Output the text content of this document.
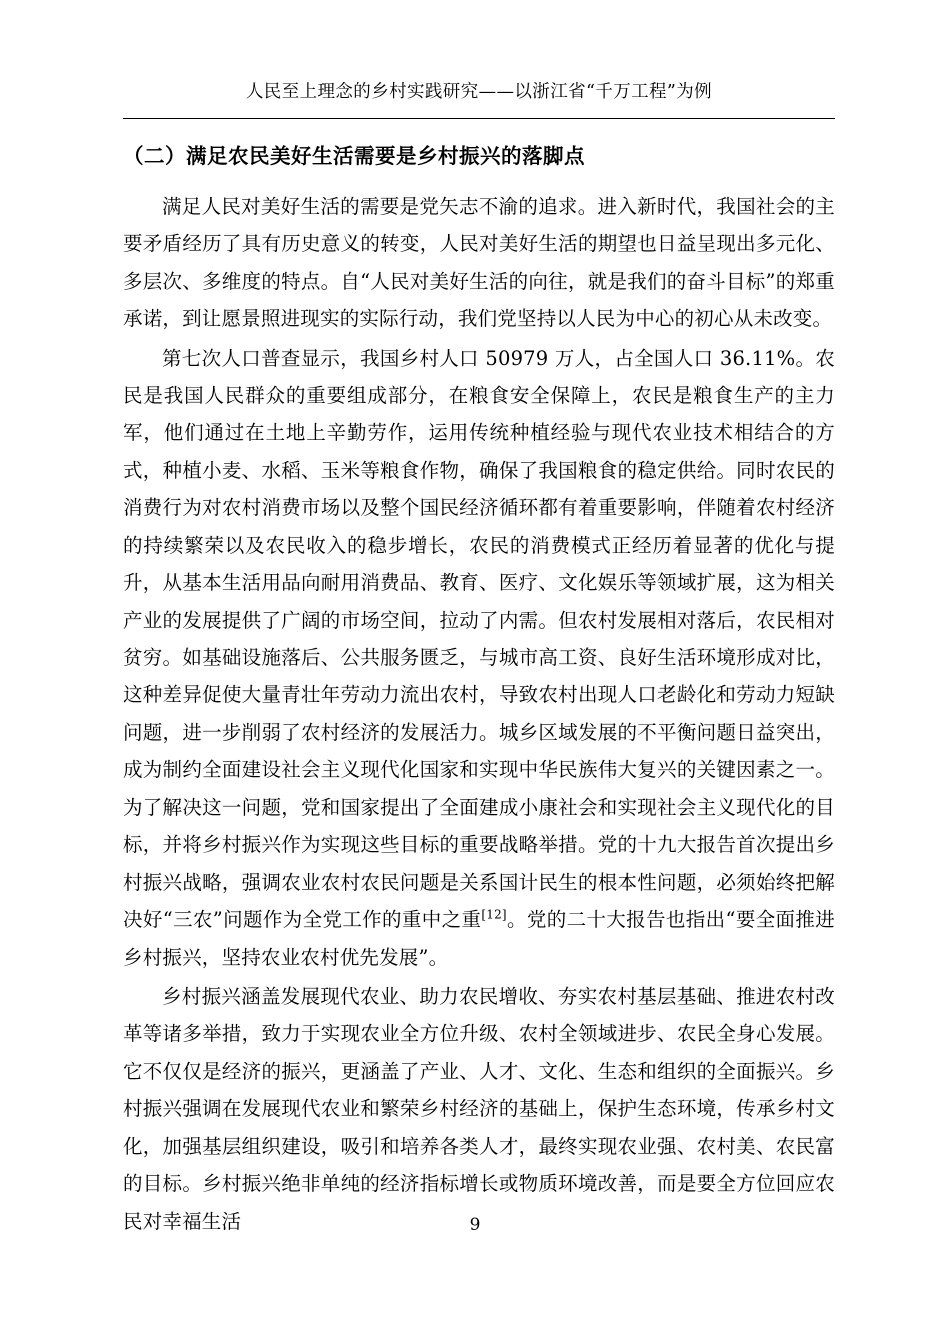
人民至上理念的乡村实践研究——以浙江省“千万工程”为例
（二）满足农民美好生活需要是乡村振兴的落脚点

满足人民对美好生活的需要是党矢志不渝的追求。进入新时代，我国社会的主要矛盾经历了具有历史意义的转变，人民对美好生活的期望也日益呈现出多元化、多层次、多维度的特点。自“人民对美好生活的向往，就是我们的奋斗目标”的郑重承诺，到让愿景照进现实的实际行动，我们党坚持以人民为中心的初心从未改变。

第七次人口普查显示，我国乡村人口 50979 万人，占全国人口 36.11%。农民是我国人民群众的重要组成部分，在粮食安全保障上，农民是粮食生产的主力军，他们通过在土地上辛勤劳作，运用传统种植经验与现代农业技术相结合的方式，种植小麦、水稻、玉米等粮食作物，确保了我国粮食的稳定供给。同时农民的消费行为对农村消费市场以及整个国民经济循环都有着重要影响，伴随着农村经济的持续繁荣以及农民收入的稳步增长，农民的消费模式正经历着显著的优化与提升，从基本生活用品向耐用消费品、教育、医疗、文化娱乐等领域扩展，这为相关产业的发展提供了广阔的市场空间，拉动了内需。但农村发展相对落后，农民相对贫穷。如基础设施落后、公共服务匮乏，与城市高工资、良好生活环境形成对比，这种差异促使大量青壮年劳动力流出农村，导致农村出现人口老龄化和劳动力短缺问题，进一步削弱了农村经济的发展活力。城乡区域发展的不平衡问题日益突出，成为制约全面建设社会主义现代化国家和实现中华民族伟大复兴的关键因素之一。为了解决这一问题，党和国家提出了全面建成小康社会和实现社会主义现代化的目标，并将乡村振兴作为实现这些目标的重要战略举措。党的十九大报告首次提出乡村振兴战略，强调农业农村农民问题是关系国计民生的根本性问题，必须始终把解决好“三农”问题作为全党工作的重中之重[12]。党的二十大报告也指出“要全面推进乡村振兴，坚持农业农村优先发展”。

乡村振兴涵盖发展现代农业、助力农民增收、夯实农村基层基础、推进农村改革等诸多举措，致力于实现农业全方位升级、农村全领域进步、农民全身心发展。它不仅仅是经济的振兴，更涵盖了产业、人才、文化、生态和组织的全面振兴。乡村振兴强调在发展现代农业和繁荣乡村经济的基础上，保护生态环境，传承乡村文化，加强基层组织建设，吸引和培养各类人才，最终实现农业强、农村美、农民富的目标。乡村振兴绝非单纯的经济指标增长或物质环境改善，而是要全方位回应农民对幸福生活	9
